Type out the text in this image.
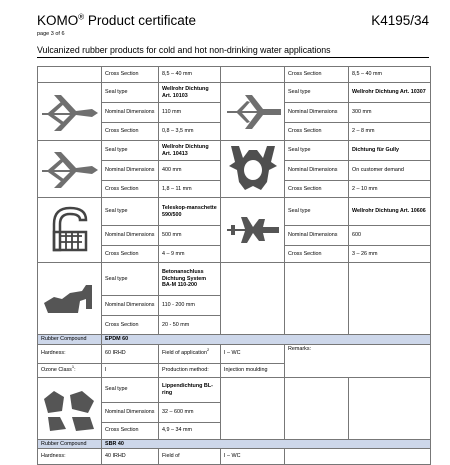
KOMO® Product certificate	K4195/34
page 3 of 6
Vulcanized rubber products for cold and hot non-drinking water applications
	Cross Section	8,5 – 40 mm		Cross Section	8,5 – 40 mm

	Seal type	Wellrohr Dichtung Art. 10103		Seal type	Wellrohr Dichtung Art. 10307
	Nominal Dimensions	110 mm		Nominal Dimensions	300 mm
	Cross Section	0,8 – 3,5 mm		Cross Section	2 – 8 mm

	Seal type	Wellrohr Dichtung Art. 10413		Seal type	Dichtung für Gully
	Nominal Dimensions	400 mm		Nominal Dimensions	On customer demand
	Cross Section	1,8 – 11 mm		Cross Section	2 – 10 mm

	Seal type	Teleskop-manschette 590/500		Seal type	Wellrohr Dichtung Art. 10606
	Nominal Dimensions	500 mm		Nominal Dimensions	600
	Cross Section	4 – 9 mm		Cross Section	3 – 26 mm

	Seal type	Betonanschluss Dichtung System BA-M 110-200			
	Nominal Dimensions	110 - 200 mm			
	Cross Section	20 - 50 mm			
Rubber Compound	EPDM 60				
Hardness:	60 IRHD	Field of application$^2$	I – WC	Remarks:	
Ozone Class$^1$:	I	Production method:	Injection moulding		

	Seal type	Lippendichtung BL-ring			
	Nominal Dimensions	32 – 600 mm			
	Cross Section	4,9 – 34 mm			
Rubber Compound	SBR 40				
Hardness:	40 IRHD	Field of	I – WC		
